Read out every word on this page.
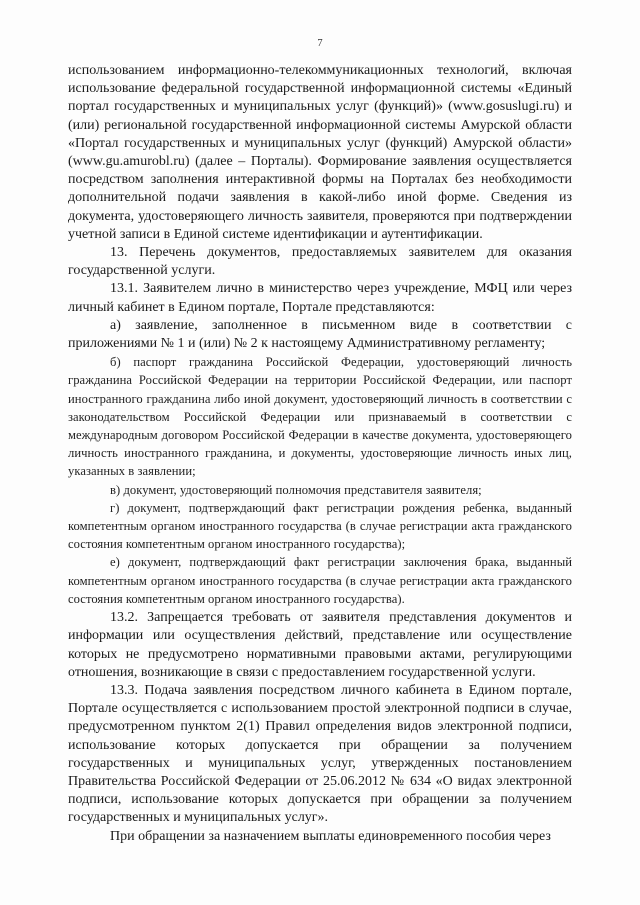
7

использованием информационно-телекоммуникационных технологий, включая использование федеральной государственной информационной системы «Единый портал государственных и муниципальных услуг (функций)» (www.gosuslugi.ru) и (или) региональной государственной информационной системы Амурской области «Портал государственных и муниципальных услуг (функций) Амурской области» (www.gu.amurobl.ru) (далее – Порталы). Формирование заявления осуществляется посредством заполнения интерактивной формы на Порталах без необходимости дополнительной подачи заявления в какой-либо иной форме. Сведения из документа, удостоверяющего личность заявителя, проверяются при подтверждении учетной записи в Единой системе идентификации и аутентификации.

13. Перечень документов, предоставляемых заявителем для оказания государственной услуги.

13.1. Заявителем лично в министерство через учреждение, МФЦ или через личный кабинет в Едином портале, Портале представляются:

а) заявление, заполненное в письменном виде в соответствии с приложениями № 1 и (или) № 2 к настоящему Административному регламенту;

б) паспорт гражданина Российской Федерации, удостоверяющий личность гражданина Российской Федерации на территории Российской Федерации, или паспорт иностранного гражданина либо иной документ, удостоверяющий личность в соответствии с законодательством Российской Федерации или признаваемый в соответствии с международным договором Российской Федерации в качестве документа, удостоверяющего личность иностранного гражданина, и документы, удостоверяющие личность иных лиц, указанных в заявлении;

в) документ, удостоверяющий полномочия представителя заявителя;

г) документ, подтверждающий факт регистрации рождения ребенка, выданный компетентным органом иностранного государства (в случае регистрации акта гражданского состояния компетентным органом иностранного государства);

е) документ, подтверждающий факт регистрации заключения брака, выданный компетентным органом иностранного государства (в случае регистрации акта гражданского состояния компетентным органом иностранного государства).

13.2. Запрещается требовать от заявителя представления документов и информации или осуществления действий, представление или осуществление которых не предусмотрено нормативными правовыми актами, регулирующими отношения, возникающие в связи с предоставлением государственной услуги.

13.3. Подача заявления посредством личного кабинета в Едином портале, Портале осуществляется с использованием простой электронной подписи в случае, предусмотренном пунктом 2(1) Правил определения видов электронной подписи, использование которых допускается при обращении за получением государственных и муниципальных услуг, утвержденных постановлением Правительства Российской Федерации от 25.06.2012 № 634 «О видах электронной подписи, использование которых допускается при обращении за получением государственных и муниципальных услуг».

При обращении за назначением выплаты единовременного пособия через
